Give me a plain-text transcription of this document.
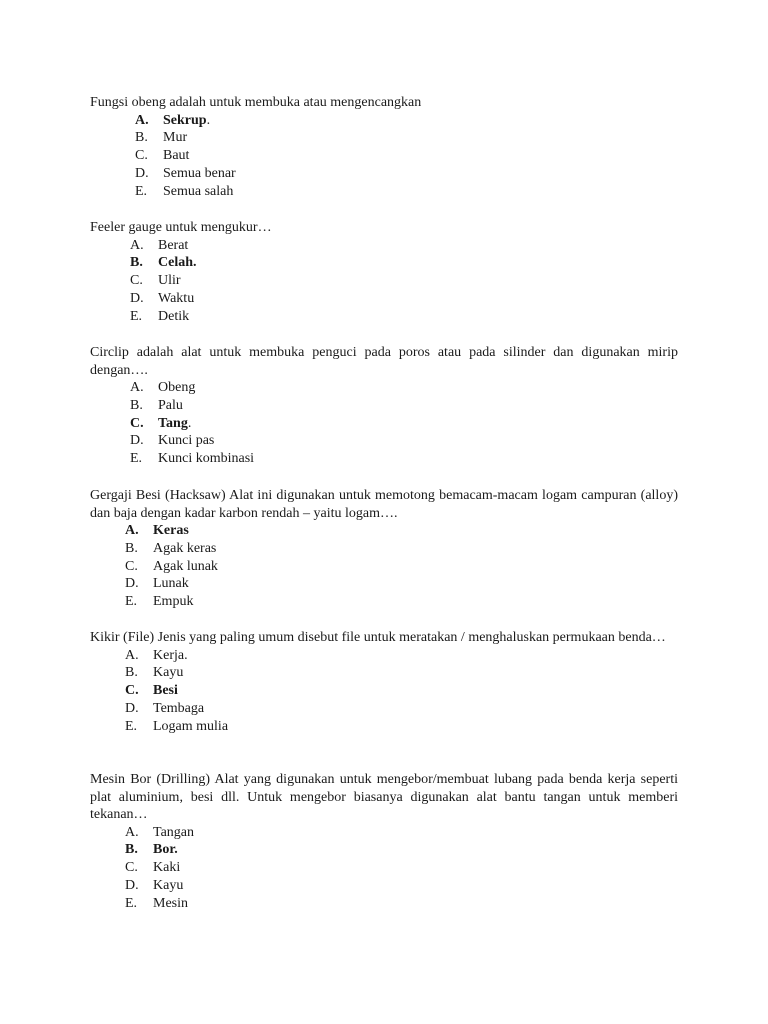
Fungsi obeng adalah untuk membuka atau mengencangkan

A. Sekrup.
B. Mur
C. Baut
D. Semua benar
E. Semua salah

Feeler gauge untuk mengukur…

A. Berat
B. Celah.
C. Ulir
D. Waktu
E. Detik

Circlip adalah alat untuk membuka penguci pada poros atau pada silinder dan digunakan mirip dengan….

A. Obeng
B. Palu
C. Tang.
D. Kunci pas
E. Kunci kombinasi

Gergaji Besi (Hacksaw) Alat ini digunakan untuk memotong bemacam-macam logam campuran (alloy) dan baja dengan kadar karbon rendah – yaitu logam….

A. Keras
B. Agak keras
C. Agak lunak
D. Lunak
E. Empuk

Kikir (File) Jenis yang paling umum disebut file untuk meratakan / menghaluskan permukaan benda…

A. Kerja.
B. Kayu
C. Besi
D. Tembaga
E. Logam mulia

Mesin Bor (Drilling) Alat yang digunakan untuk mengebor/membuat lubang pada benda kerja seperti plat aluminium, besi dll. Untuk mengebor biasanya digunakan alat bantu tangan untuk memberi tekanan…

A. Tangan
B. Bor.
C. Kaki
D. Kayu
E. Mesin
